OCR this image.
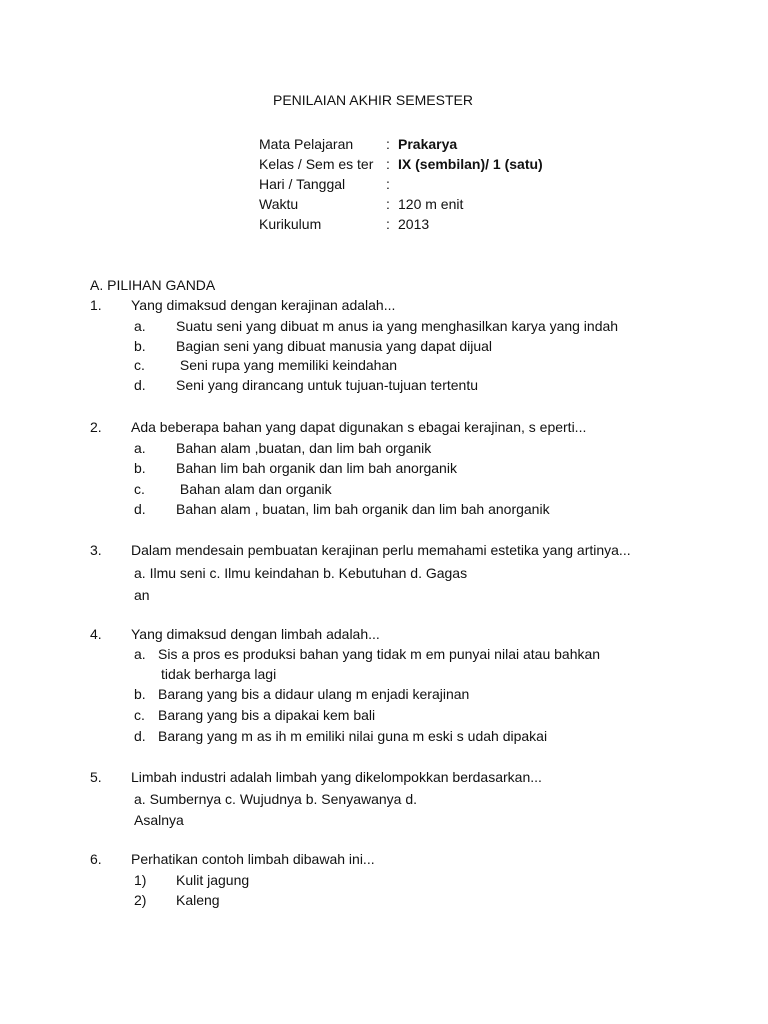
PENILAIAN AKHIR SEMESTER
Mata Pelajaran : Prakarya
Kelas / Sem es ter : IX (sembilan)/ 1 (satu)
Hari / Tanggal	:
Waktu	: 120 m enit
Kurikulum	: 2013
A. PILIHAN GANDA
1. Yang dimaksud dengan kerajinan adalah...
a. Suatu seni yang dibuat m anus ia yang menghasilkan karya yang indah
b. Bagian seni yang dibuat manusia yang dapat dijual
c. Seni rupa yang memiliki keindahan
d. Seni yang dirancang untuk tujuan-tujuan tertentu
2. Ada beberapa bahan yang dapat digunakan s ebagai kerajinan, s eperti...
a. Bahan alam ,buatan, dan lim bah organik
b. Bahan lim bah organik dan lim bah anorganik
c. Bahan alam dan organik
d. Bahan alam , buatan, lim bah organik dan lim bah anorganik
3. Dalam mendesain pembuatan kerajinan perlu memahami estetika yang artinya...
a. Ilmu seni c. Ilmu keindahan b. Kebutuhan d. Gagas
an
4. Yang dimaksud dengan limbah adalah...
a. Sis a pros es produksi bahan yang tidak m em punyai nilai atau bahkan
tidak berharga lagi
b. Barang yang bis a didaur ulang m enjadi kerajinan
c. Barang yang bis a dipakai kem bali
d. Barang yang m as ih m emiliki nilai guna m eski s udah dipakai
5. Limbah industri adalah limbah yang dikelompokkan berdasarkan...
a. Sumbernya c. Wujudnya b. Senyawanya d.
Asalnya
6. Perhatikan contoh limbah dibawah ini...
1) Kulit jagung
2) Kaleng
